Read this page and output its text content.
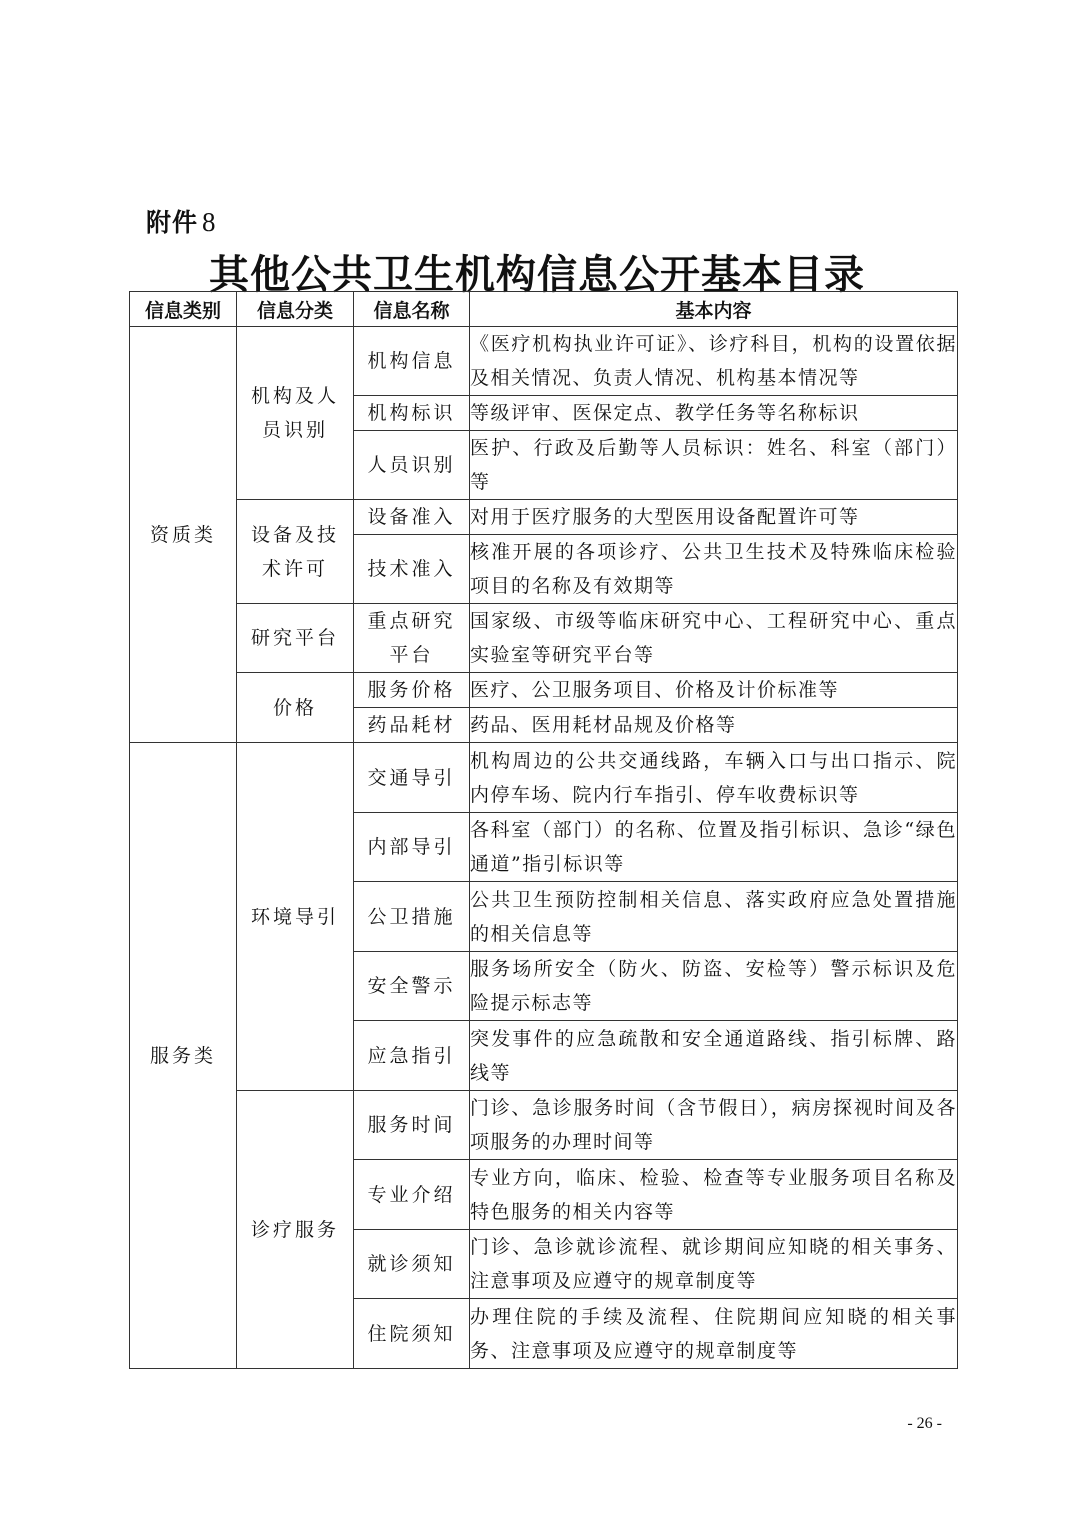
附件 8
其他公共卫生机构信息公开基本目录
信息类别	信息分类	信息名称	基本内容
资质类	机构及人员识别	机构信息	《医疗机构执业许可证》、诊疗科目，机构的设置依据及相关情况、负责人情况、机构基本情况等
		机构标识	等级评审、医保定点、教学任务等名称标识
		人员识别	医护、行政及后勤等人员标识：姓名、科室（部门）等

	设备及技术许可	设备准入	对用于医疗服务的大型医用设备配置许可等
		技术准入	核准开展的各项诊疗、公共卫生技术及特殊临床检验项目的名称及有效期等
	研究平台	重点研究平台	国家级、市级等临床研究中心、工程研究中心、重点实验室等研究平台等
	价格	服务价格	医疗、公卫服务项目、价格及计价标准等
		药品耗材	药品、医用耗材品规及价格等
服务类	环境导引	交通导引	机构周边的公共交通线路，车辆入口与出口指示、院内停车场、院内行车指引、停车收费标识等
		内部导引	各科室（部门）的名称、位置及指引标识、急诊“绿色通道”指引标识等
		公卫措施	公共卫生预防控制相关信息、落实政府应急处置措施的相关信息等
		安全警示	服务场所安全（防火、防盗、安检等）警示标识及危险提示标志等
		应急指引	突发事件的应急疏散和安全通道路线、指引标牌、路线等
	诊疗服务	服务时间	门诊、急诊服务时间（含节假日），病房探视时间及各项服务的办理时间等
		专业介绍	专业方向，临床、检验、检查等专业服务项目名称及特色服务的相关内容等
		就诊须知	门诊、急诊就诊流程、就诊期间应知晓的相关事务、注意事项及应遵守的规章制度等
		住院须知	办理住院的手续及流程、住院期间应知晓的相关事务、注意事项及应遵守的规章制度等
- 26 -
